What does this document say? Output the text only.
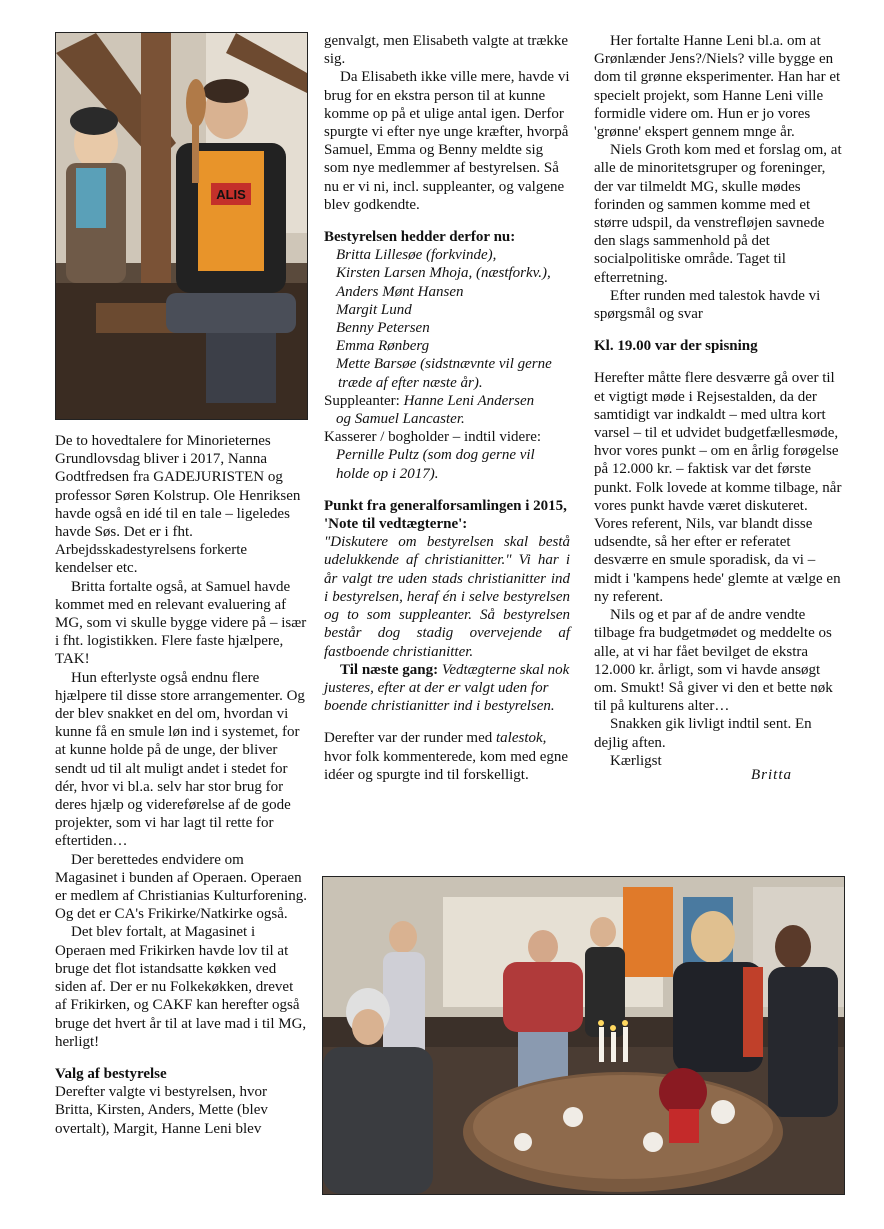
ALIS

De to hovedtalere for Minorieternes Grundlovsdag bliver i 2017, Nanna Godtfredsen fra GADEJURISTEN og professor Søren Kolstrup. Ole Henriksen havde også en idé til en tale – ligeledes havde Søs. Det er i fht. Arbejdsskadestyrelsens forkerte kendelser etc.

Britta fortalte også, at Samuel havde kommet med en relevant evaluering af MG, som vi skulle bygge videre på – især i fht. logistikken. Flere faste hjælpere, TAK!

Hun efterlyste også endnu flere hjælpere til disse store arrangementer. Og der blev snakket en del om, hvordan vi kunne få en smule løn ind i systemet, for at kunne holde på de unge, der bliver sendt ud til alt muligt andet i stedet for dér, hvor vi bl.a. selv har stor brug for deres hjælp og videreførelse af de gode projekter, som vi har lagt til rette for eftertiden…

Der berettedes endvidere om Magasinet i bunden af Operaen. Operaen er medlem af Christianias Kulturforening. Og det er CA's Frikirke/Natkirke også.

Det blev fortalt, at Magasinet i Operaen med Frikirken havde lov til at bruge det flot istandsatte køkken ved siden af. Der er nu Folkekøkken, drevet af Frikirken, og CAKF kan herefter også bruge det hvert år til at lave mad i til MG, herligt!

Valg af bestyrelse

Derefter valgte vi bestyrelsen, hvor Britta, Kirsten, Anders, Mette (blev overtalt), Margit, Hanne Leni blev

genvalgt, men Elisabeth valgte at trække sig.

Da Elisabeth ikke ville mere, havde vi brug for en ekstra person til at kunne komme op på et ulige antal igen. Derfor spurgte vi efter nye unge kræfter, hvorpå Samuel, Emma og Benny meldte sig som nye medlemmer af bestyrelsen. Så nu er vi ni, incl. suppleanter, og valgene blev godkendte.

Bestyrelsen hedder derfor nu:

Britta Lillesøe (forkvinde),
Kirsten Larsen Mhoja, (næstforkv.),
Anders Mønt Hansen
Margit Lund
Benny Petersen
Emma Rønberg
Mette Barsøe (sidstnævnte vil gerne
træde af efter næste år).
Suppleanter: Hanne Leni Andersen
og Samuel Lancaster.
Kasserer / bogholder – indtil videre:
Pernille Pultz (som dog gerne vil
holde op i 2017).

Punkt fra generalforsamlingen i 2015, 'Note til vedtægterne':

"Diskutere om bestyrelsen skal bestå udelukkende af christianitter." Vi har i år valgt tre uden stads christianitter ind i bestyrelsen, heraf én i selve bestyrelsen og to som suppleanter. Så bestyrelsen består dog stadig overvejende af fastboende christianitter.

Til næste gang: Vedtægterne skal nok justeres, efter at der er valgt uden for boende christianitter ind i bestyrelsen.

Derefter var der runder med talestok, hvor folk kommenterede, kom med egne idéer og spurgte ind til forskelligt.

Her fortalte Hanne Leni bl.a. om at Grønlænder Jens?/Niels? ville bygge en dom til grønne eksperimenter. Han har et specielt projekt, som Hanne Leni ville formidle videre om. Hun er jo vores 'grønne' ekspert gennem mnge år.

Niels Groth kom med et forslag om, at alle de minoritetsgruper og foreninger, der var tilmeldt MG, skulle mødes forinden og sammen komme med et større udspil, da venstrefløjen savnede den slags sammenhold på det socialpolitiske område. Taget til efterretning.

Efter runden med talestok havde vi spørgsmål og svar

Kl. 19.00 var der spisning

Herefter måtte flere desværre gå over til et vigtigt møde i Rejsestalden, da der samtidigt var indkaldt – med ultra kort varsel – til et udvidet budgetfællesmøde, hvor vores punkt – om en årlig forøgelse på 12.000 kr. – faktisk var det første punkt. Folk lovede at komme tilbage, når vores punkt havde været diskuteret. Vores referent, Nils, var blandt disse udsendte, så her efter er referatet desværre en smule sporadisk, da vi – midt i 'kampens hede' glemte at vælge en ny referent.

Nils og et par af de andre vendte tilbage fra budgetmødet og meddelte os alle, at vi har fået bevilget de ekstra 12.000 kr. årligt, som vi havde ansøgt om. Smukt! Så giver vi den et bette nøk til på kulturens alter…

Snakken gik livligt indtil sent. En dejlig aften.

Kærligst

Britta
